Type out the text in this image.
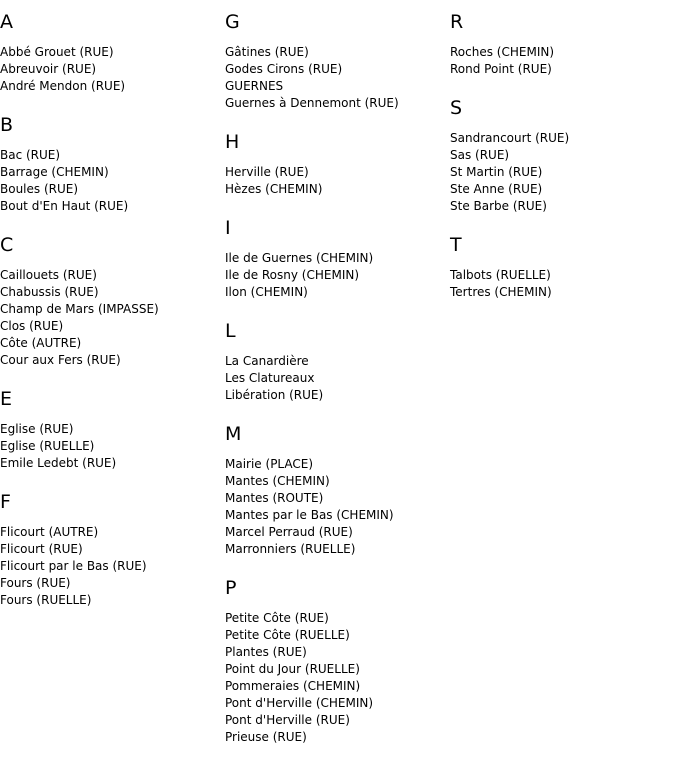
A
Abbé Grouet (RUE)
Abreuvoir (RUE)
André Mendon (RUE)
B
Bac (RUE)
Barrage (CHEMIN)
Boules (RUE)
Bout d'En Haut (RUE)
C
Caillouets (RUE)
Chabussis (RUE)
Champ de Mars (IMPASSE)
Clos (RUE)
Côte (AUTRE)
Cour aux Fers (RUE)
E
Eglise (RUE)
Eglise (RUELLE)
Emile Ledebt (RUE)
F
Flicourt (AUTRE)
Flicourt (RUE)
Flicourt par le Bas (RUE)
Fours (RUE)
Fours (RUELLE)
G
Gâtines (RUE)
Godes Cirons (RUE)
GUERNES
Guernes à Dennemont (RUE)
H
Herville (RUE)
Hèzes (CHEMIN)
I
Ile de Guernes (CHEMIN)
Ile de Rosny (CHEMIN)
Ilon (CHEMIN)
L
La Canardière
Les Clatureaux
Libération (RUE)
M
Mairie (PLACE)
Mantes (CHEMIN)
Mantes (ROUTE)
Mantes par le Bas (CHEMIN)
Marcel Perraud (RUE)
Marronniers (RUELLE)
P
Petite Côte (RUE)
Petite Côte (RUELLE)
Plantes (RUE)
Point du Jour (RUELLE)
Pommeraies (CHEMIN)
Pont d'Herville (CHEMIN)
Pont d'Herville (RUE)
Prieuse (RUE)
R
Roches (CHEMIN)
Rond Point (RUE)
S
Sandrancourt (RUE)
Sas (RUE)
St Martin (RUE)
Ste Anne (RUE)
Ste Barbe (RUE)
T
Talbots (RUELLE)
Tertres (CHEMIN)
